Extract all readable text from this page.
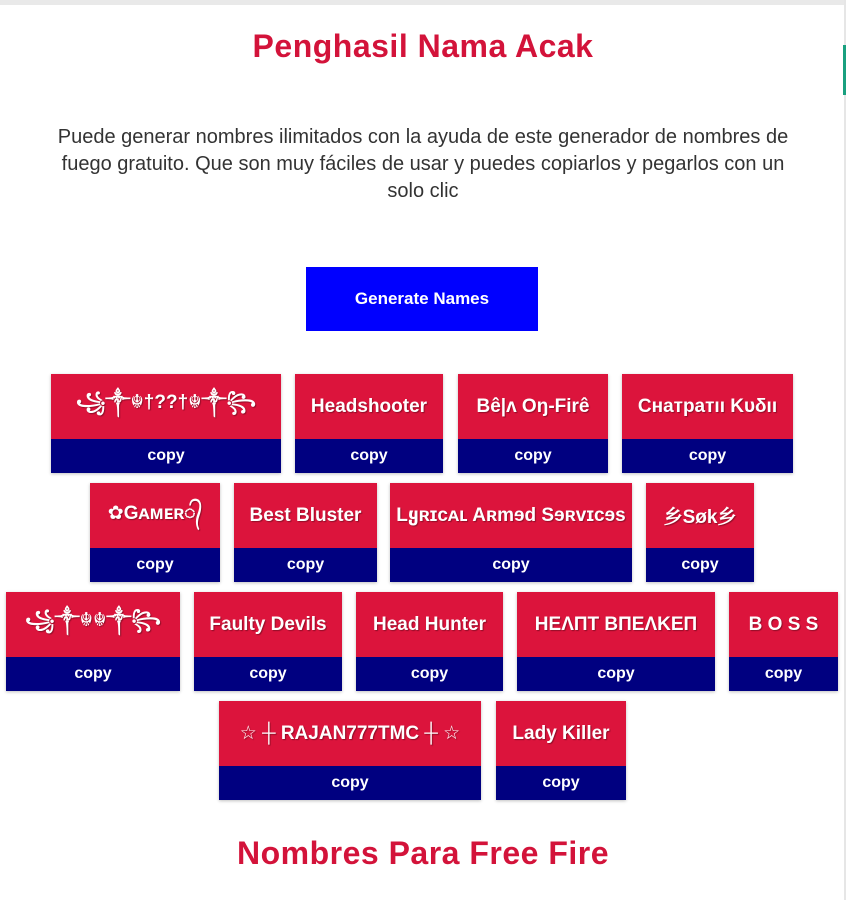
Penghasil Nama Acak
Puede generar nombres ilimitados con la ayuda de este generador de nombres de
fuego gratuito. Que son muy fáciles de usar y puedes copiarlos y pegarlos con un
solo clic
Generate Names
꧁༒☬†??†☬༒꧂
copy
Headshooter
copy
Bê|ʌ Oŋ-Firê
copy
Cнатратıı Kυδıı
copy
✿Gᴀᴍᴇʀ᭄
copy
Best Bluster
copy
Lყʀɪᴄᴀʟ Aʀmɘd Sɘʀvɪcɘs
copy
乡Søk乡
copy
꧁༒☬☬༒꧂
copy
Faulty Devils
copy
Head Hunter
copy
HEΛПT BПEΛKEП
copy
B O S S
copy
☆ ┼ RAJAN777TMC ┼ ☆
copy
Lady Killer
copy
Nombres Para Free Fire
